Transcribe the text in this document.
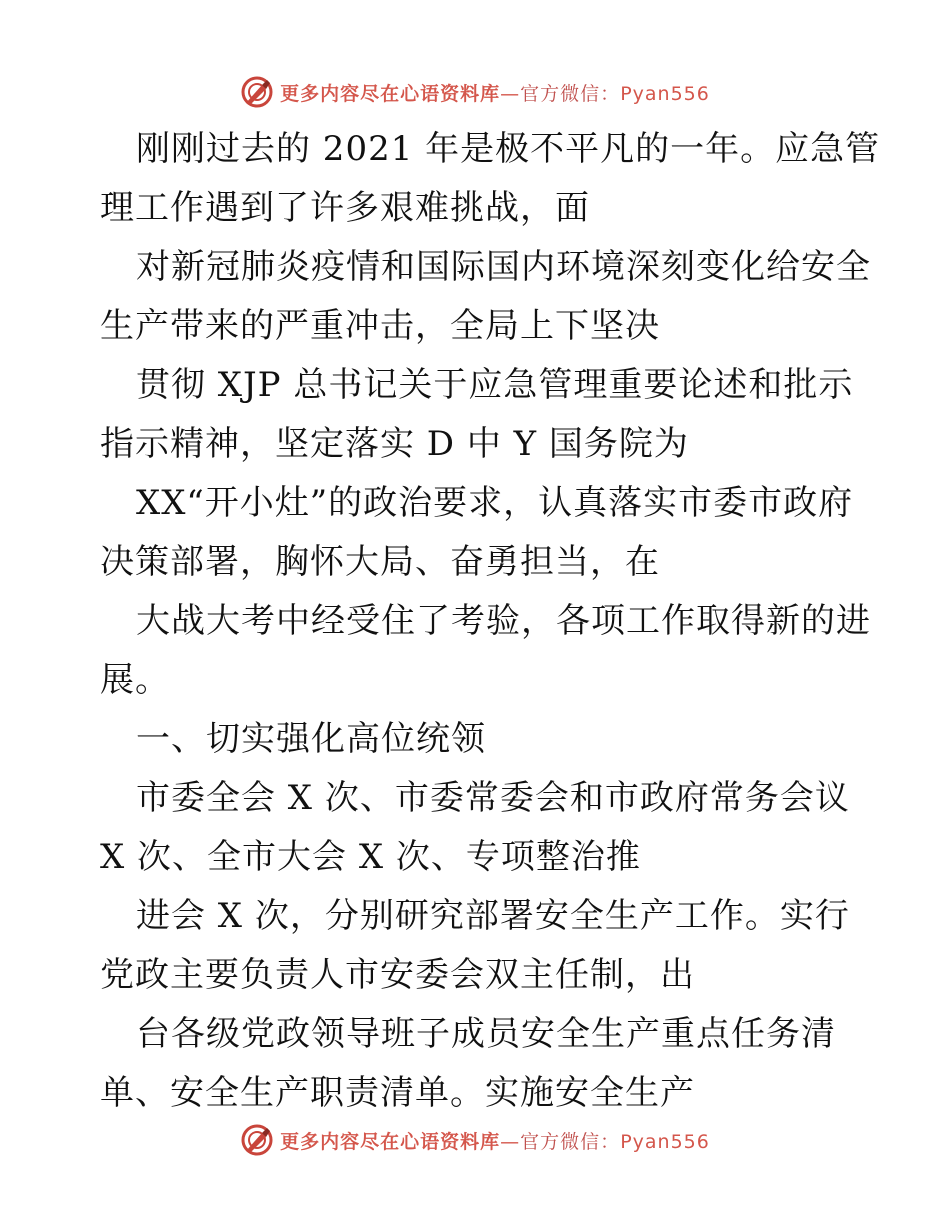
更多内容尽在心语资料库—官方微信：Pyan556
刚刚过去的 2021 年是极不平凡的一年。应急管
理工作遇到了许多艰难挑战，面
对新冠肺炎疫情和国际国内环境深刻变化给安全
生产带来的严重冲击，全局上下坚决
贯彻 XJP 总书记关于应急管理重要论述和批示
指示精神，坚定落实 D 中 Y 国务院为
XX“开小灶”的政治要求，认真落实市委市政府
决策部署，胸怀大局、奋勇担当，在
大战大考中经受住了考验，各项工作取得新的进
展。
一、切实强化高位统领
市委全会 X 次、市委常委会和市政府常务会议
X 次、全市大会 X 次、专项整治推
进会 X 次，分别研究部署安全生产工作。实行
党政主要负责人市安委会双主任制，出
台各级党政领导班子成员安全生产重点任务清
单、安全生产职责清单。实施安全生产
更多内容尽在心语资料库—官方微信：Pyan556
